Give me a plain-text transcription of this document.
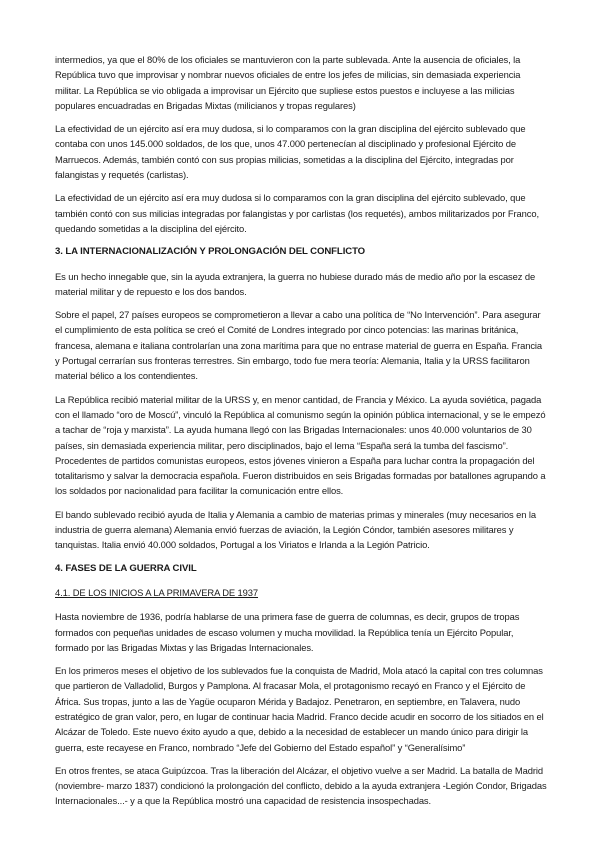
intermedios, ya que el 80% de los oficiales se mantuvieron con la parte sublevada. Ante la ausencia de oficiales, la República tuvo que improvisar y nombrar nuevos oficiales de entre los jefes de milicias, sin demasiada experiencia militar. La República se vio obligada a improvisar un Ejército que supliese estos puestos e incluyese a las milicias populares encuadradas en Brigadas Mixtas (milicianos y tropas regulares)

La efectividad de un ejército así era muy dudosa, si lo comparamos con la gran disciplina del ejército sublevado que contaba con unos 145.000 soldados, de los que, unos 47.000 pertenecían al disciplinado y profesional Ejército de Marruecos. Además, también contó con sus propias milicias, sometidas a la disciplina del Ejército, integradas por falangistas y requetés (carlistas).

La efectividad de un ejército así era muy dudosa si lo comparamos con la gran disciplina del ejército sublevado, que también contó con sus milicias integradas por falangistas y por carlistas (los requetés), ambos militarizados por Franco, quedando sometidas a la disciplina del ejército.

3. LA INTERNACIONALIZACIÓN Y PROLONGACIÓN DEL CONFLICTO

Es un hecho innegable que, sin la ayuda extranjera, la guerra no hubiese durado más de medio año por la escasez de material militar y de repuesto e los dos bandos.

Sobre el papel, 27 países europeos se comprometieron a llevar a cabo una política de “No Intervención”. Para asegurar el cumplimiento de esta política se creó el Comité de Londres integrado por cinco potencias: las marinas británica, francesa, alemana e italiana controlarían una zona marítima para que no entrase material de guerra en España. Francia y Portugal cerrarían sus fronteras terrestres. Sin embargo, todo fue mera teoría: Alemania, Italia y la URSS facilitaron material bélico a los contendientes.

La República recibió material militar de la URSS y, en menor cantidad, de Francia y México. La ayuda soviética, pagada con el llamado “oro de Moscú”, vinculó la República al comunismo según la opinión pública internacional, y se le empezó a tachar de “roja y marxista”. La ayuda humana llegó con las Brigadas Internacionales: unos 40.000 voluntarios de 30 países, sin demasiada experiencia militar, pero disciplinados, bajo el lema “España será la tumba del fascismo”. Procedentes de partidos comunistas europeos, estos jóvenes vinieron a España para luchar contra la propagación del totalitarismo y salvar la democracia española. Fueron distribuidos en seis Brigadas formadas por batallones agrupando a los soldados por nacionalidad para facilitar la comunicación entre ellos.

El bando sublevado recibió ayuda de Italia y Alemania a cambio de materias primas y minerales (muy necesarios en la industria de guerra alemana) Alemania envió fuerzas de aviación, la Legión Cóndor, también asesores militares y tanquistas. Italia envió 40.000 soldados, Portugal a los Viriatos e Irlanda a la Legión Patricio.

4. FASES DE LA GUERRA CIVIL
4.1. DE LOS INICIOS A LA PRIMAVERA DE 1937

Hasta noviembre de 1936, podría hablarse de una primera fase de guerra de columnas, es decir, grupos de tropas formados con pequeñas unidades de escaso volumen y mucha movilidad. la República tenía un Ejército Popular, formado por las Brigadas Mixtas y las Brigadas Internacionales.

En los primeros meses el objetivo de los sublevados fue la conquista de Madrid, Mola atacó la capital con tres columnas que partieron de Valladolid, Burgos y Pamplona. Al fracasar Mola, el protagonismo recayó en Franco y el Ejército de África. Sus tropas, junto a las de Yagüe ocuparon Mérida y Badajoz. Penetraron, en septiembre, en Talavera, nudo estratégico de gran valor, pero, en lugar de continuar hacia Madrid. Franco decide acudir en socorro de los sitiados en el Alcázar de Toledo. Este nuevo éxito ayudo a que, debido a la necesidad de establecer un mando único para dirigir la guerra, este recayese en Franco, nombrado “Jefe del Gobierno del Estado español” y “Generalísimo”

En otros frentes, se ataca Guipúzcoa. Tras la liberación del Alcázar, el objetivo vuelve a ser Madrid. La batalla de Madrid (noviembre- marzo 1837) condicionó la prolongación del conflicto, debido a la ayuda extranjera -Legión Condor, Brigadas Internacionales...- y a que la República mostró una capacidad de resistencia insospechadas.
